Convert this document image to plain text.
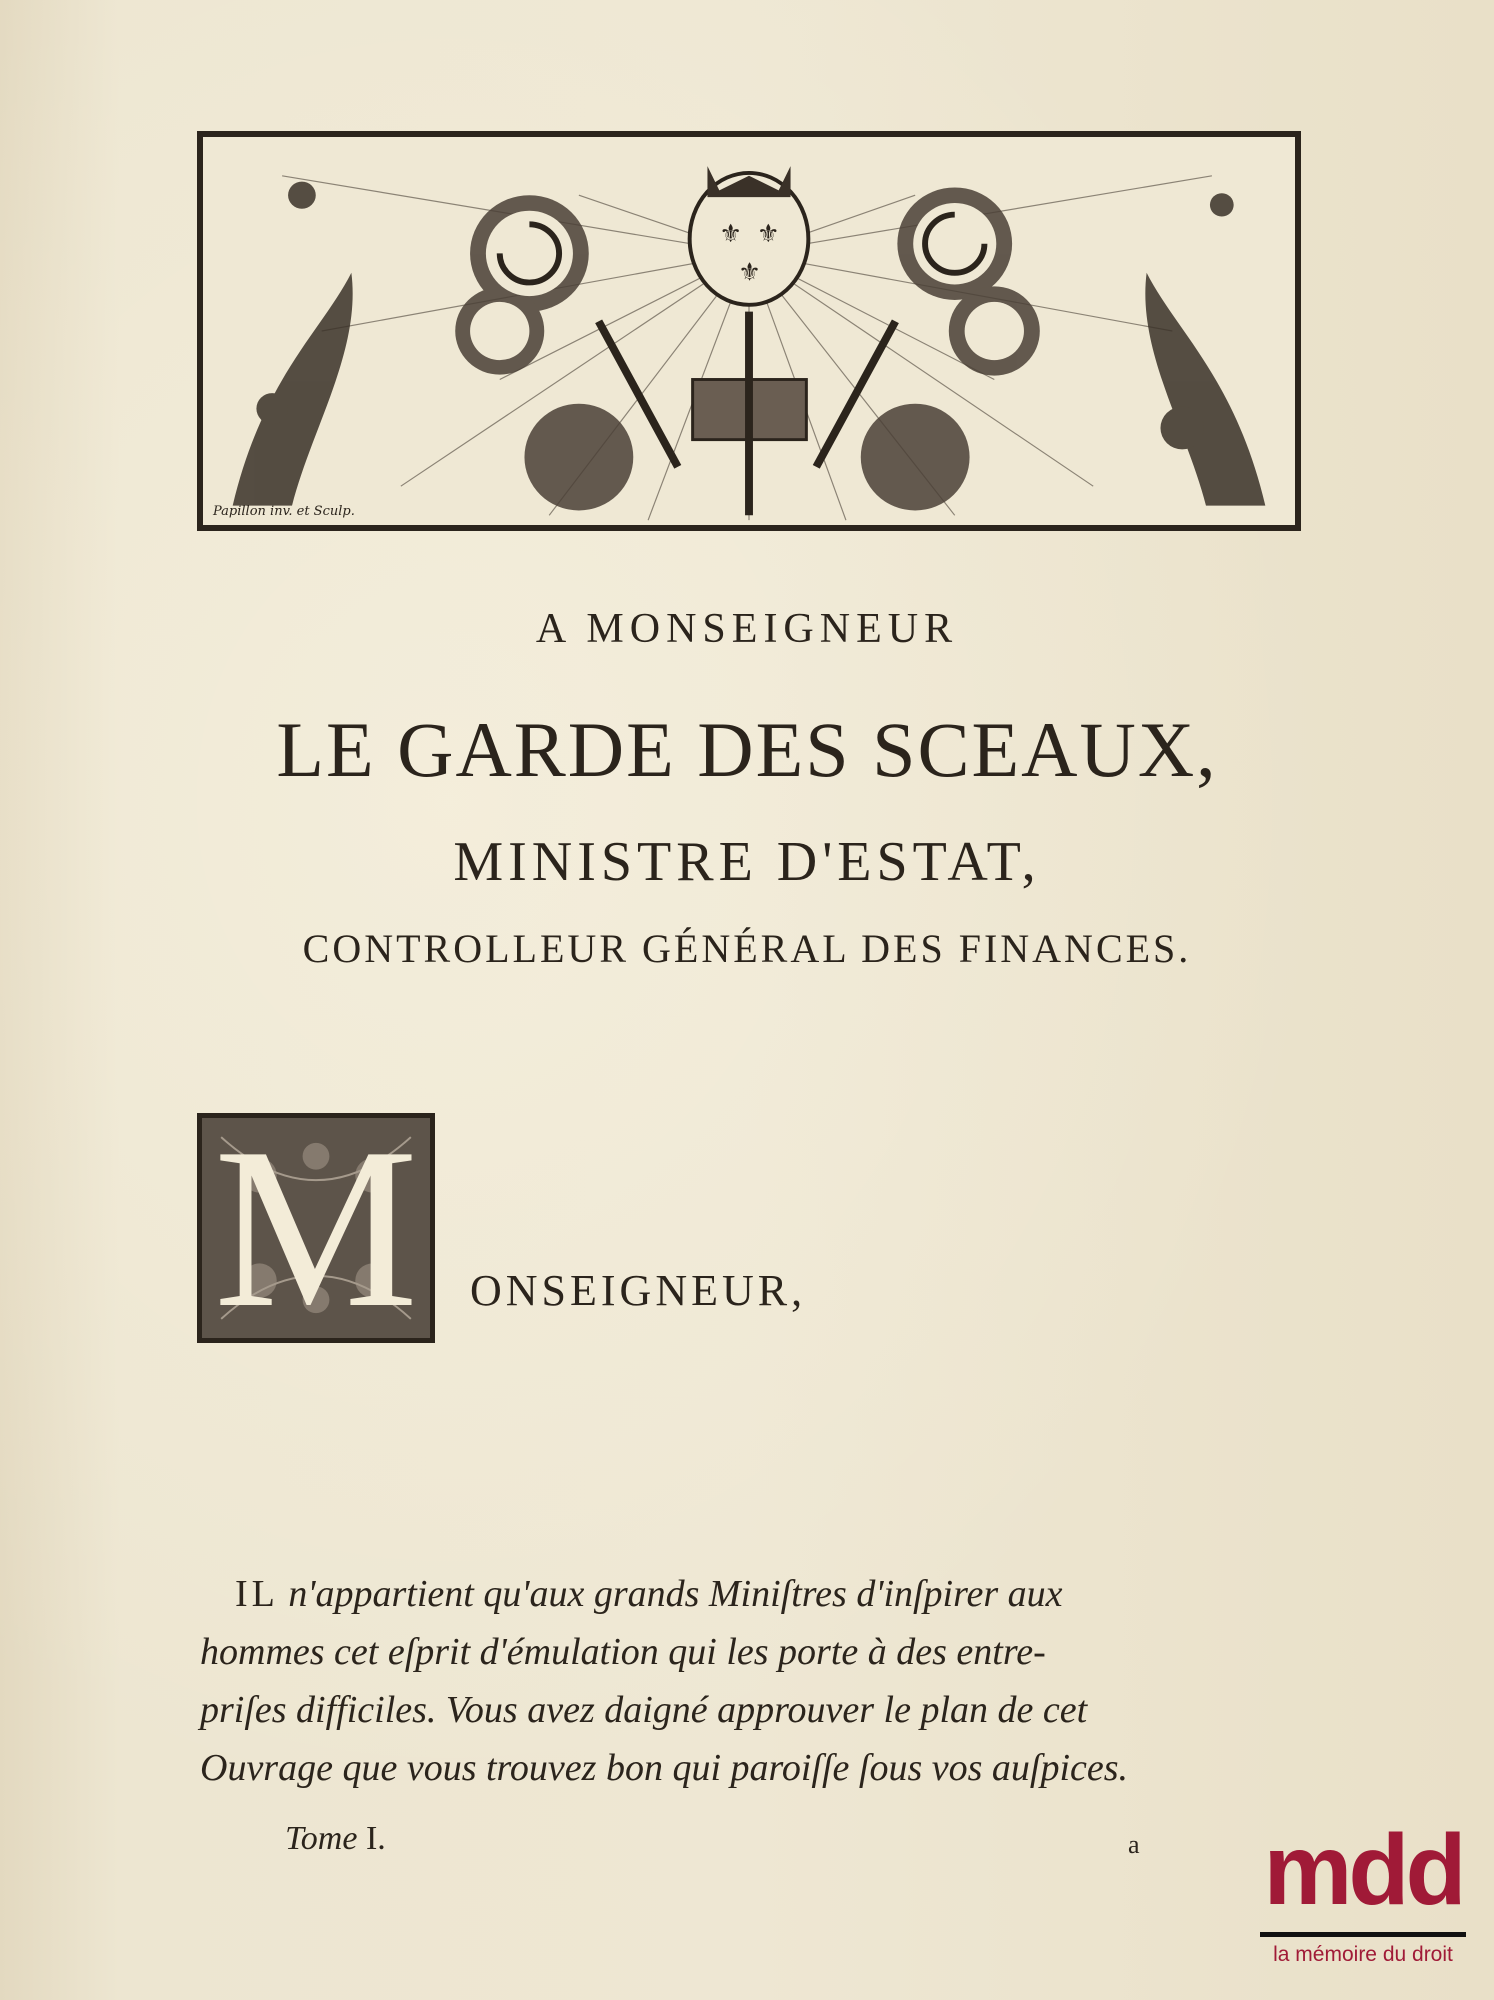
⚜ ⚜
⚜
Papillon inv. et Sculp.
A MONSEIGNEUR
LE GARDE DES SCEAUX,
MINISTRE D'ESTAT,
CONTROLLEUR GÉNÉRAL DES FINANCES.
M ONSEIGNEUR,
IL n'appartient qu'aux grands Miniſtres d'inſpirer aux
hommes cet eſprit d'émulation qui les porte à des entre-
priſes difficiles. Vous avez daigné approuver le plan de cet
Ouvrage que vous trouvez bon qui paroiſſe ſous vos auſpices.
Tome I.	a mdd
la mémoire du droit
